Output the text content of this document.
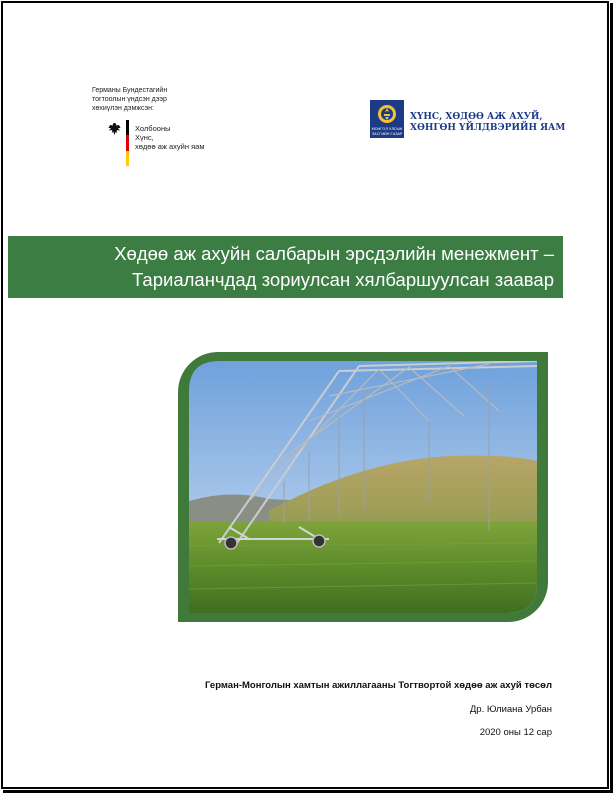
Германы Бундестагийн
тогтоолын үндсэн дээр
хөхиүлэн дэмжсэн:
Холбооны
Хүнс,
хөдөө аж ахуйн яам
МОНГОЛ УЛСЫН
ЗАСГИЙН ГАЗАР
ХҮНС, ХӨДӨӨ АЖ АХУЙ,
ХӨНГӨН ҮЙЛДВЭРИЙН ЯАМ
Хөдөө аж ахуйн салбарын эрсдэлийн менежмент –
Тариаланчдад зориулсан хялбаршуулсан заавар
Герман-Монголын хамтын ажиллагааны Тогтвортой хөдөө аж ахуй төсөл
Др. Юлиана Урбан
2020 оны 12 сар
